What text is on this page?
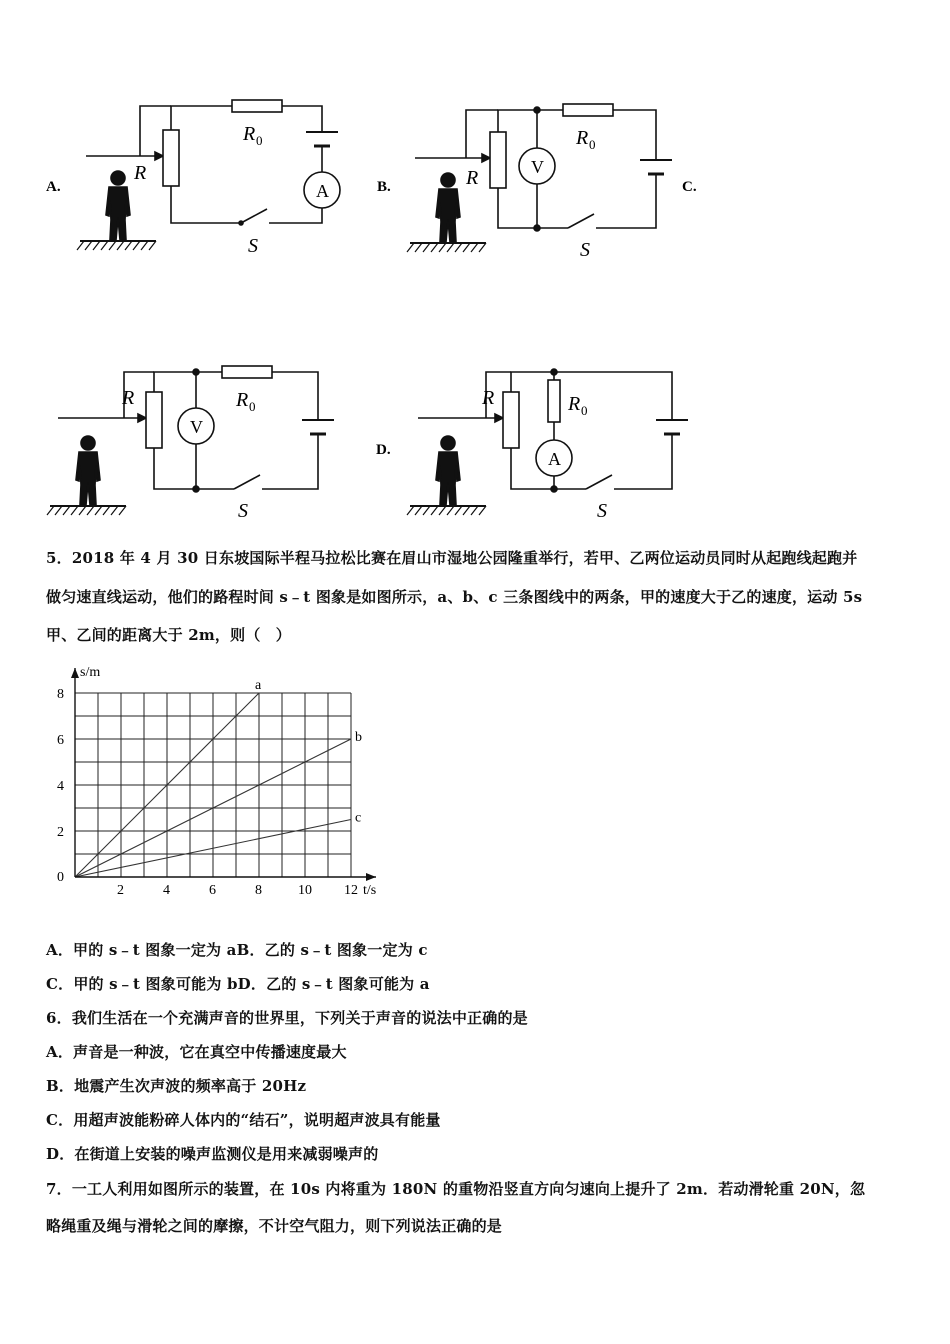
A.
R
R 0
A
S
B.	C.
R
R 0
V
S
R	R 0
V
S
D.
R	R 0
A
S
5．2018 年 4 月 30 日东坡国际半程马拉松比赛在眉山市湿地公园隆重举行，若甲、乙两位运动员同时从起跑线起跑并
做匀速直线运动，他们的路程时间 s﹣t 图象是如图所示，a、b、c 三条图线中的两条，甲的速度大于乙的速度，运动 5s
甲、乙间的距离大于 2m，则（　）
a
b
c
0
2	4	6	8	10 12
2
4
6
8
s/m
t/s
A．甲的 s﹣t 图象一定为 aB．乙的 s﹣t 图象一定为 c
C．甲的 s﹣t 图象可能为 bD．乙的 s﹣t 图象可能为 a
6．我们生活在一个充满声音的世界里，下列关于声音的说法中正确的是
A．声音是一种波，它在真空中传播速度最大
B．地震产生次声波的频率高于 20Hz
C．用超声波能粉碎人体内的“结石”，说明超声波具有能量
D．在街道上安装的噪声监测仪是用来减弱噪声的
7．一工人利用如图所示的装置，在 10s 内将重为 180N 的重物沿竖直方向匀速向上提升了 2m．若动滑轮重 20N，忽
略绳重及绳与滑轮之间的摩擦，不计空气阻力，则下列说法正确的是
